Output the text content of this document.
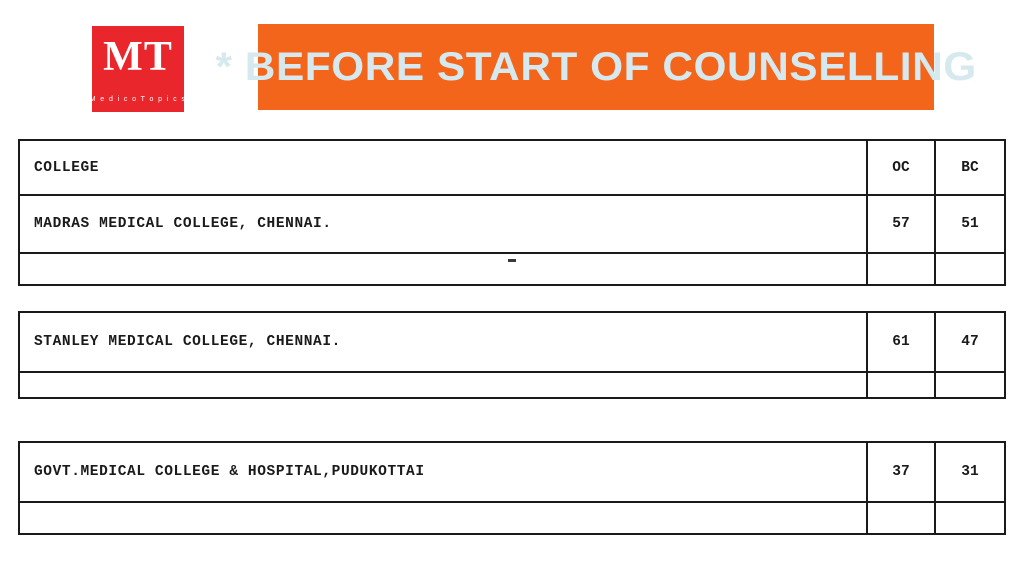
MT
M e d i c o T o p i c s
* BEFORE START OF COUNSELLING
COLLEGE	OC	BC
MADRAS MEDICAL COLLEGE, CHENNAI.	57	51
STANLEY MEDICAL COLLEGE, CHENNAI.	61	47
GOVT.MEDICAL COLLEGE & HOSPITAL,PUDUKOTTAI	37	31
